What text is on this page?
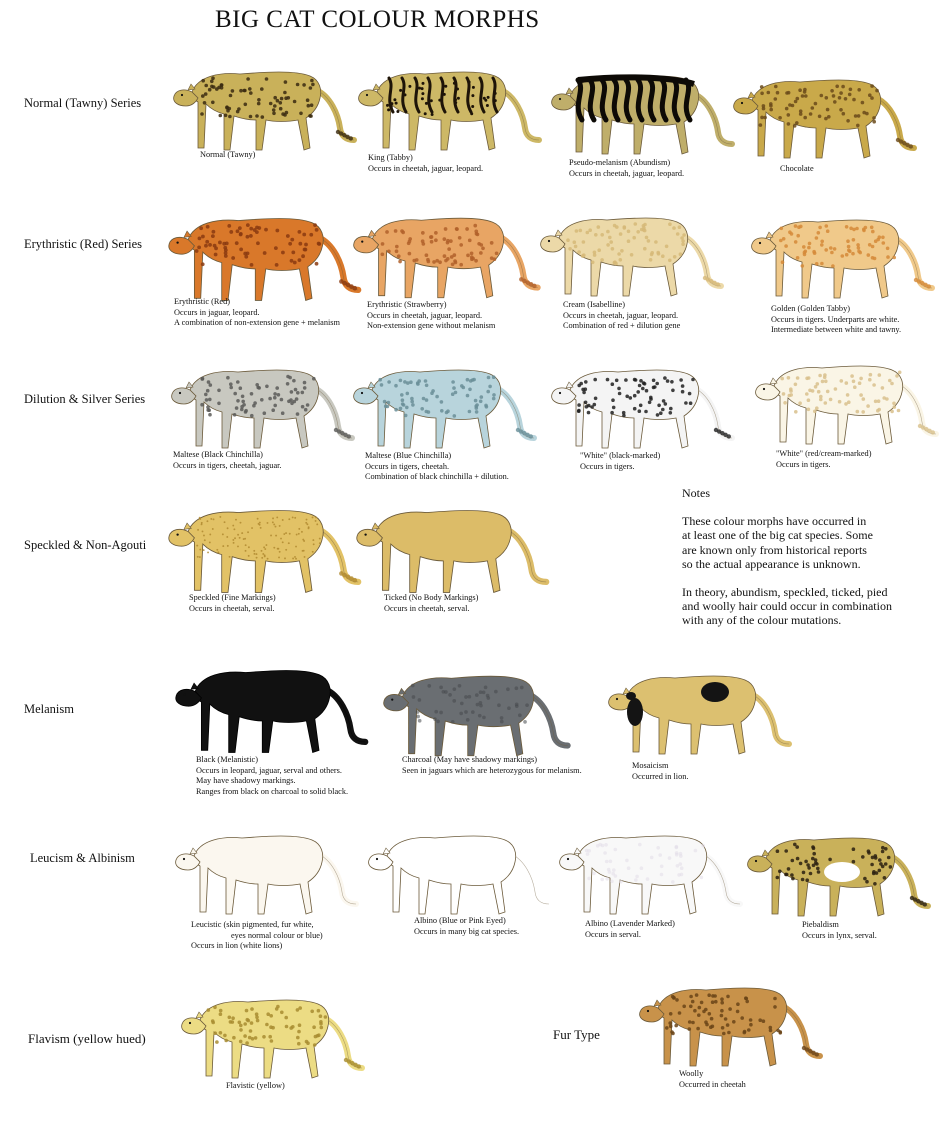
BIG CAT COLOUR MORPHS
Normal (Tawny) Series
Erythristic (Red) Series
Dilution & Silver Series
Speckled & Non-Agouti
Melanism
Leucism & Albinism
Flavism (yellow hued)	Fur Type
Normal (Tawny)	King (Tabby)
Occurs in cheetah, jaguar, leopard.
Pseudo-melanism (Abundism)
Occurs in cheetah, jaguar, leopard.	Chocolate
Erythristic (Red)
Occurs in jaguar, leopard.
A combination of non-extension gene + melanism
Erythristic (Strawberry)
Occurs in cheetah, jaguar, leopard.
Non-extension gene without melanism
Cream (Isabelline)
Occurs in cheetah, jaguar, leopard.
Combination of red + dilution gene
Golden (Golden Tabby)
Occurs in tigers. Underparts are white.
Intermediate between white and tawny.
Maltese (Black Chinchilla)
Occurs in tigers, cheetah, jaguar.
Maltese (Blue Chinchilla)
Occurs in tigers, cheetah.
Combination of black chinchilla + dilution.
"White" (black-marked)
Occurs in tigers.
"White" (red/cream-marked)
Occurs in tigers.
Speckled (Fine Markings)
Occurs in cheetah, serval.
Ticked (No Body Markings)
Occurs in cheetah, serval.
Black (Melanistic)
Occurs in leopard, jaguar, serval and others.
May have shadowy markings.
Ranges from black on charcoal to solid black.
Charcoal (May have shadowy markings)
Seen in jaguars which are heterozygous for melanism.	Mosaicism
Occurred in lion.
Leucistic (skin pigmented, fur white,
eyes normal colour or blue)
Occurs in lion (white lions)
Albino (Blue or Pink Eyed)
Occurs in many big cat species.
Albino (Lavender Marked)
Occurs in serval.
Piebaldism
Occurs in lynx, serval.
Flavistic (yellow)
Woolly
Occurred in cheetah

Notes

These colour morphs have occurred in
at least one of the big cat species. Some
are known only from historical reports
so the actual appearance is unknown.

In theory, abundism, speckled, ticked, pied
and woolly hair could occur in combination
with any of the colour mutations.
